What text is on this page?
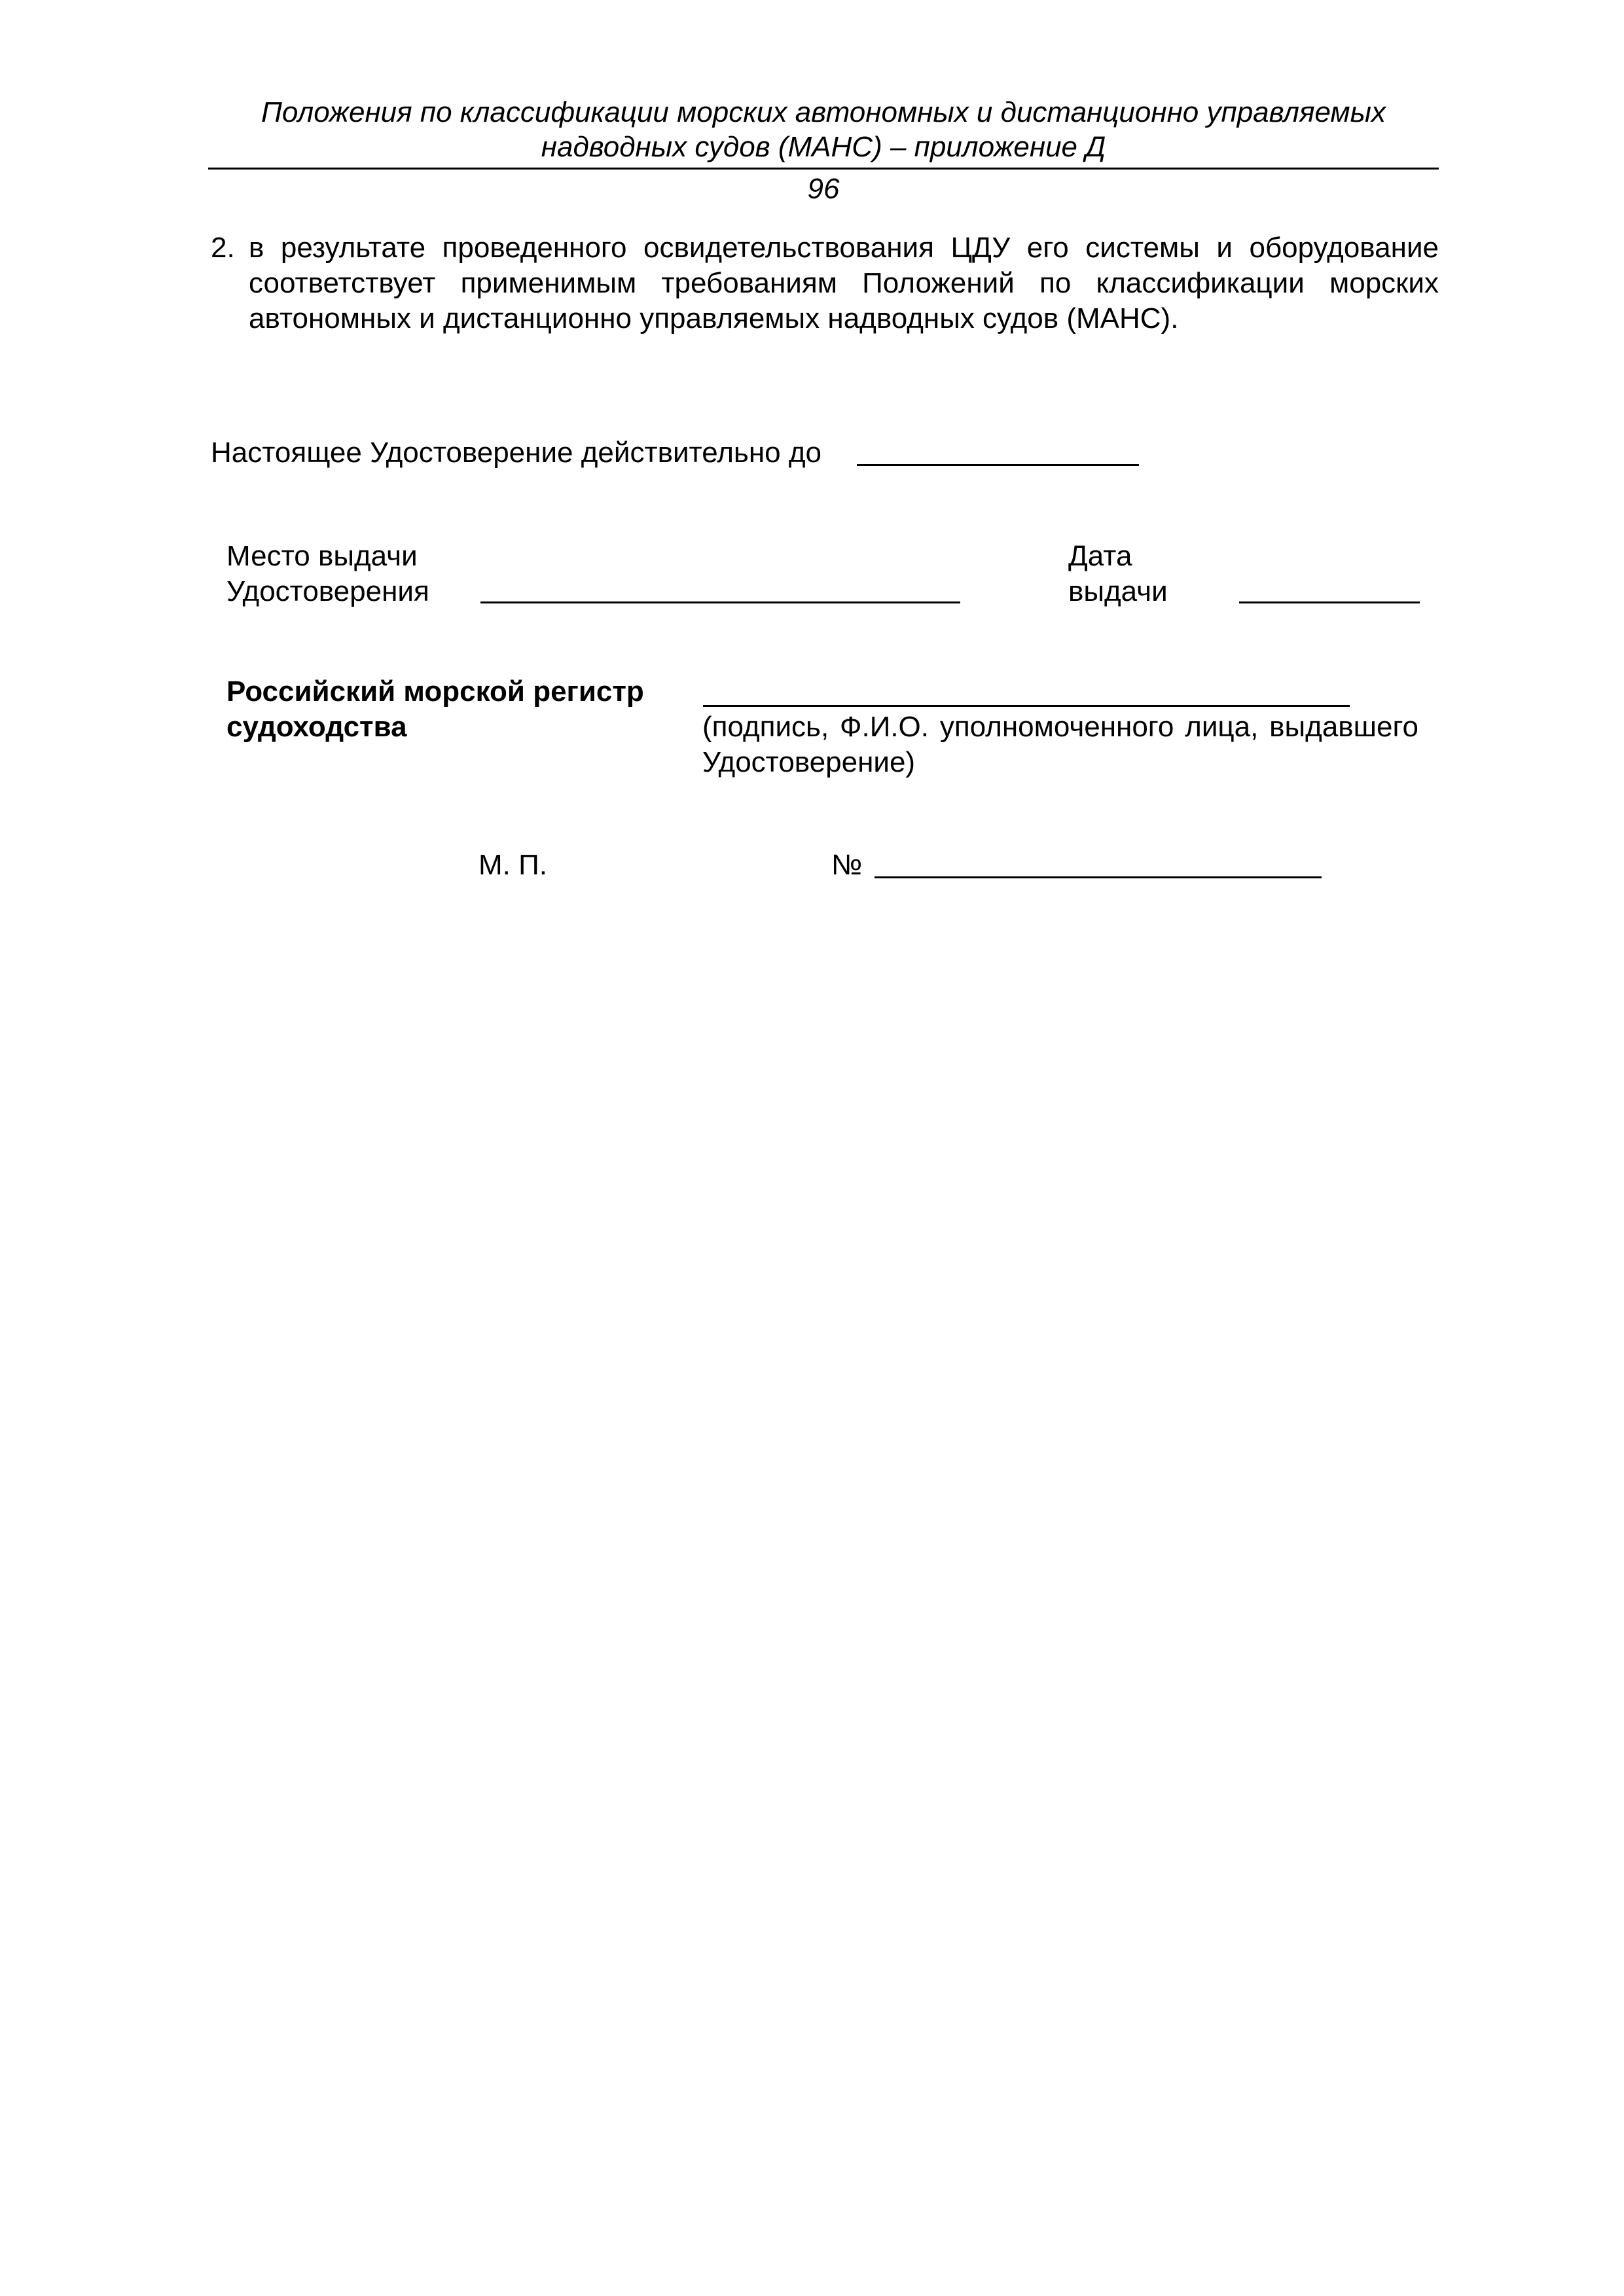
Положения по классификации морских автономных и дистанционно управляемых
надводных судов (МАНС) – приложение Д
96
2. в результате проведенного освидетельствования ЦДУ его системы и оборудование соответствует применимым требованиям Положений по классификации морских автономных и дистанционно управляемых надводных судов (МАНС).
Настоящее Удостоверение действительно до
Место выдачи
Удостоверения
Дата
выдачи
Российский морской регистр
судоходства	(подпись, Ф.И.О. уполномоченного лица, выдавшего Удостоверение)
М. П.	№
